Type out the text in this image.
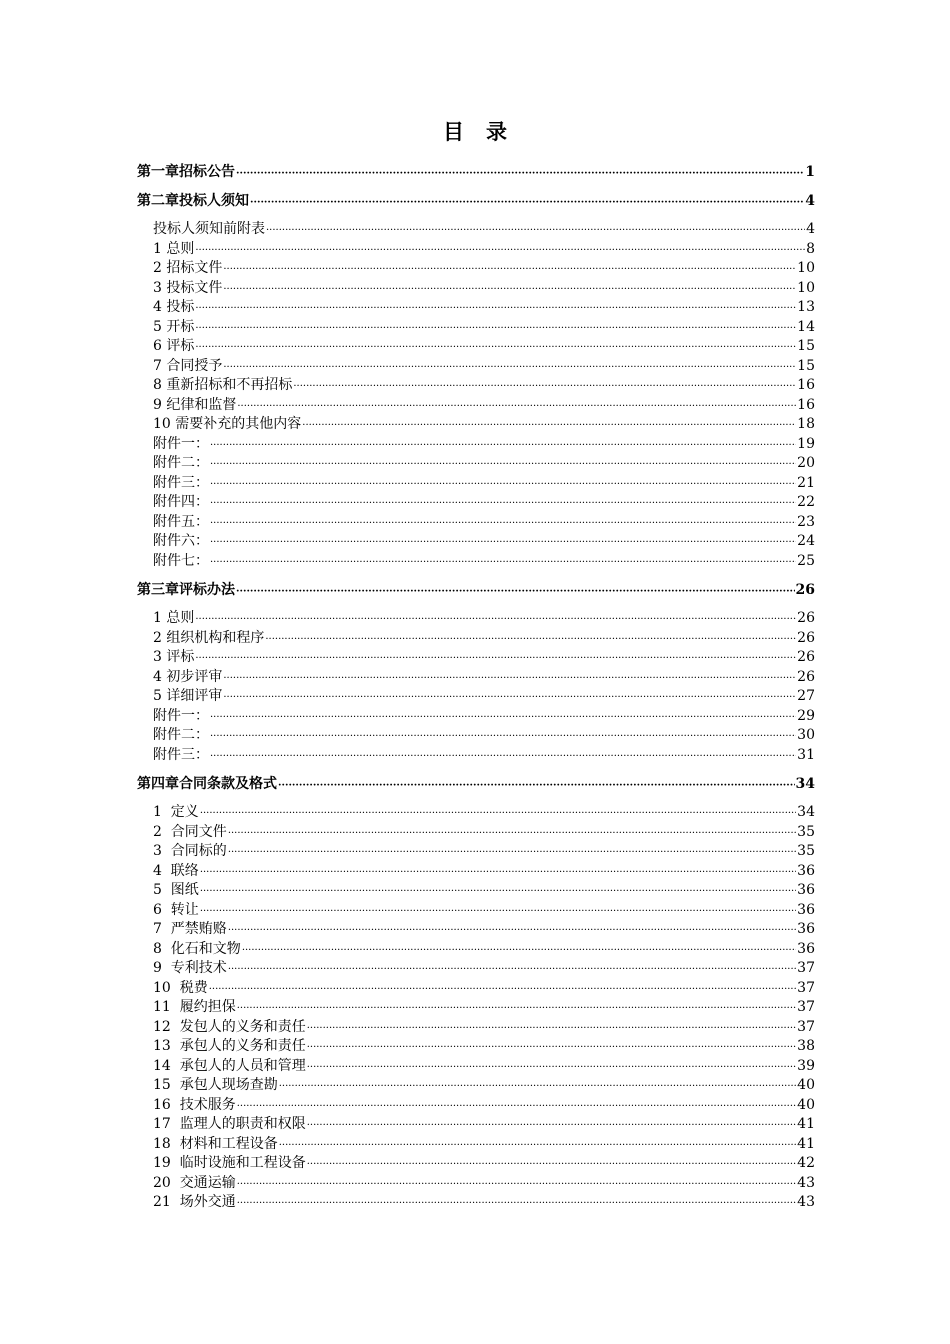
目 录
第一章 招标公告 ·····	1
第二章 投标人须知 ·····	4
投标人须知前附表 ·····	4
1 总则 ·····	8
2 招标文件 ·····	10
3 投标文件 ·····	10
4 投标 ·····	13
5 开标 ·····	14
6 评标 ·····	15
7 合同授予 ·····	15
8 重新招标和不再招标 ·····	16
9 纪律和监督 ·····	16
10 需要补充的其他内容 ·····	18
附件一： ·····	19
附件二： ·····	20
附件三： ·····	21
附件四： ·····	22
附件五： ·····	23
附件六： ·····	24
附件七： ·····	25
第三章 评标办法 ·····	26
1 总则 ·····	26
2 组织机构和程序 ·····	26
3 评标 ·····	26
4 初步评审 ·····	26
5 详细评审 ·····	27
附件一： ·····	29
附件二： ·····	30
附件三： ·····	31
第四章 合同条款及格式 ·····	34
1  定义 ·····	34
2  合同文件 ·····	35
3  合同标的 ·····	35
4  联络 ·····	36
5  图纸 ·····	36
6  转让 ·····	36
7  严禁贿赂 ·····	36
8  化石和文物 ·····	36
9  专利技术 ·····	37
10  税费 ·····	37
11  履约担保 ·····	37
12  发包人的义务和责任 ·····	37
13  承包人的义务和责任 ·····	38
14  承包人的人员和管理 ·····	39
15  承包人现场查勘 ·····	40
16  技术服务 ·····	40
17  监理人的职责和权限 ·····	41
18  材料和工程设备 ·····	41
19  临时设施和工程设备 ·····	42
20  交通运输 ·····	43
21  场外交通 ·····	43
